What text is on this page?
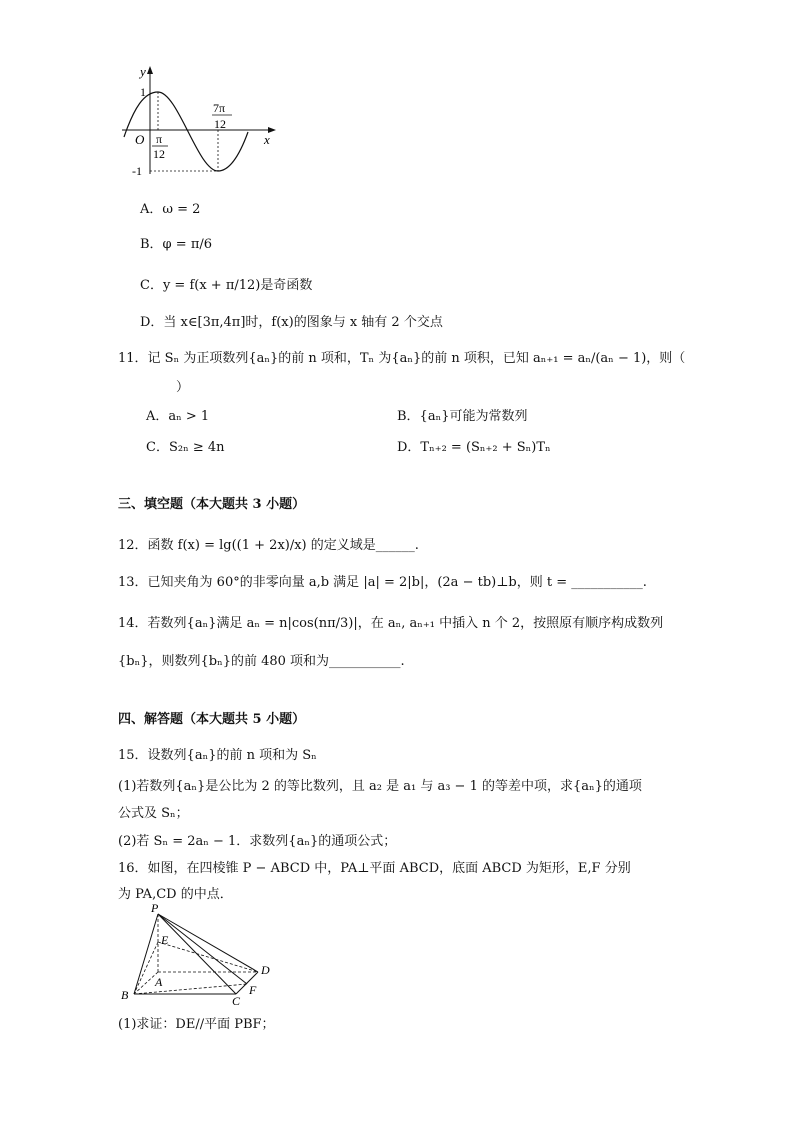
y
x
O
1
-1
π
12
7π
12
A．ω = 2
B．φ = π/6
C．y = f(x + π/12)是奇函数
D．当 x∈[3π,4π]时，f(x)的图象与 x 轴有 2 个交点
11．记 Sₙ 为正项数列{aₙ}的前 n 项和，Tₙ 为{aₙ}的前 n 项积，已知 aₙ₊₁ = aₙ/(aₙ − 1)，则（
）
A．aₙ > 1	B．{aₙ}可能为常数列
C．S₂ₙ ≥ 4n	D．Tₙ₊₂ = (Sₙ₊₂ + Sₙ)Tₙ
三、填空题（本大题共 3 小题）
12．函数 f(x) = lg((1 + 2x)/x) 的定义域是______.
13．已知夹角为 60°的非零向量 a,b 满足 |a| = 2|b|，(2a − tb)⊥b，则 t = ___________.
14．若数列{aₙ}满足 aₙ = n|cos(nπ/3)|，在 aₙ, aₙ₊₁ 中插入 n 个 2，按照原有顺序构成数列
{bₙ}，则数列{bₙ}的前 480 项和为___________.
四、解答题（本大题共 5 小题）
15．设数列{aₙ}的前 n 项和为 Sₙ
(1)若数列{aₙ}是公比为 2 的等比数列，且 a₂ 是 a₁ 与 a₃ − 1 的等差中项，求{aₙ}的通项
公式及 Sₙ；
(2)若 Sₙ = 2aₙ − 1．求数列{aₙ}的通项公式；
16．如图，在四棱锥 P − ABCD 中，PA⊥平面 ABCD，底面 ABCD 为矩形，E,F 分别
为 PA,CD 的中点．
P
E
A
B	C
D
F
(1)求证：DE//平面 PBF；
